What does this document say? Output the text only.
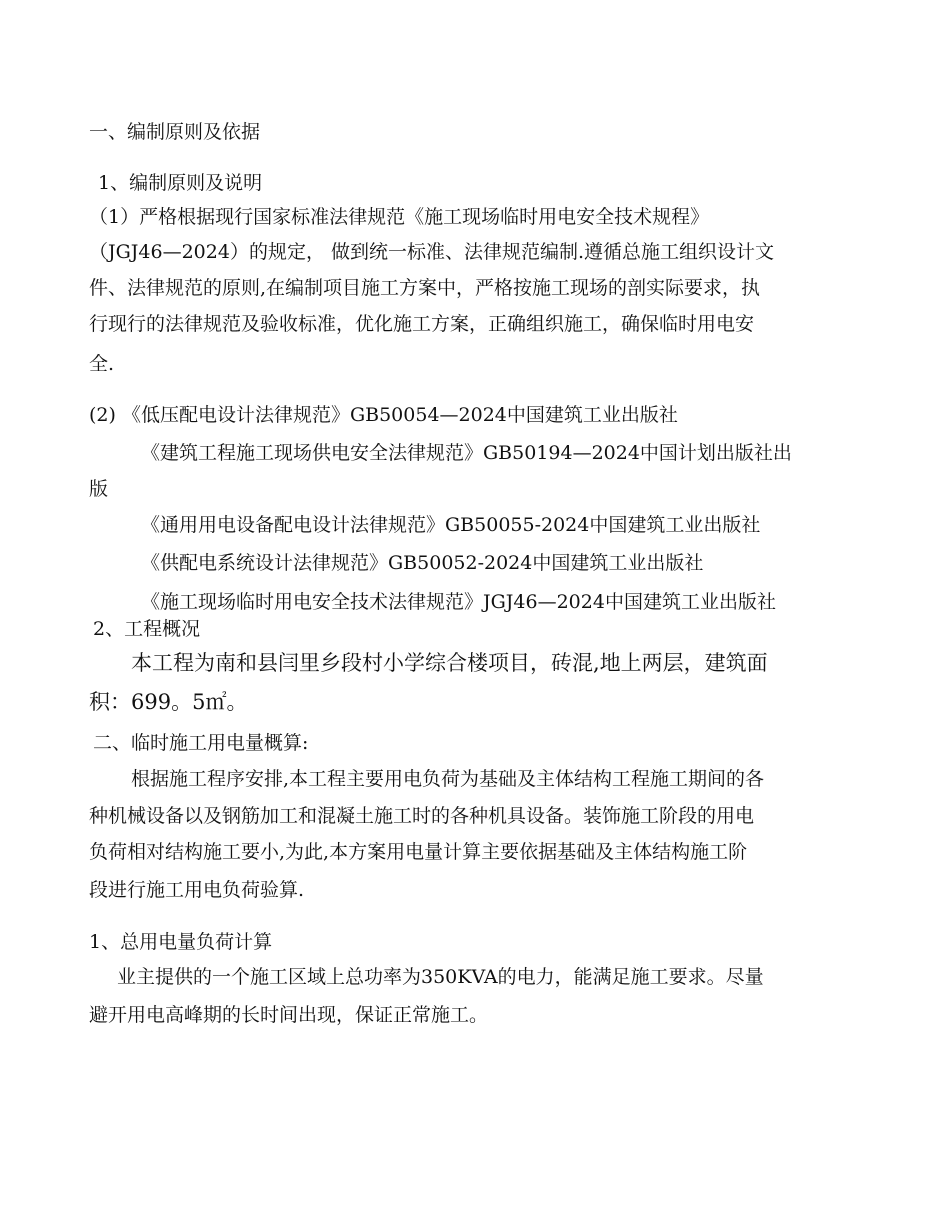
一、编制原则及依据
1、编制原则及说明
（1）严格根据现行国家标准法律规范《施工现场临时用电安全技术规程》
（JGJ46—2024）的规定， 做到统一标准、法律规范编制.遵循总施工组织设计文
件、法律规范的原则,在编制项目施工方案中，严格按施工现场的剖实际要求，执
行现行的法律规范及验收标准，优化施工方案，正确组织施工，确保临时用电安
全.
(2) 《低压配电设计法律规范》GB50054—2024中国建筑工业出版社
《建筑工程施工现场供电安全法律规范》GB50194—2024中国计划出版社出
版
《通用用电设备配电设计法律规范》GB50055-2024中国建筑工业出版社
《供配电系统设计法律规范》GB50052-2024中国建筑工业出版社
《施工现场临时用电安全技术法律规范》JGJ46—2024中国建筑工业出版社
2、工程概况
本工程为南和县闫里乡段村小学综合楼项目，砖混,地上两层，建筑面
积：699。5㎡。
二、临时施工用电量概算:
根据施工程序安排,本工程主要用电负荷为基础及主体结构工程施工期间的各
种机械设备以及钢筋加工和混凝土施工时的各种机具设备。装饰施工阶段的用电
负荷相对结构施工要小,为此,本方案用电量计算主要依据基础及主体结构施工阶
段进行施工用电负荷验算.
1、总用电量负荷计算
业主提供的一个施工区域上总功率为350KVA的电力，能满足施工要求。尽量
避开用电高峰期的长时间出现，保证正常施工。
